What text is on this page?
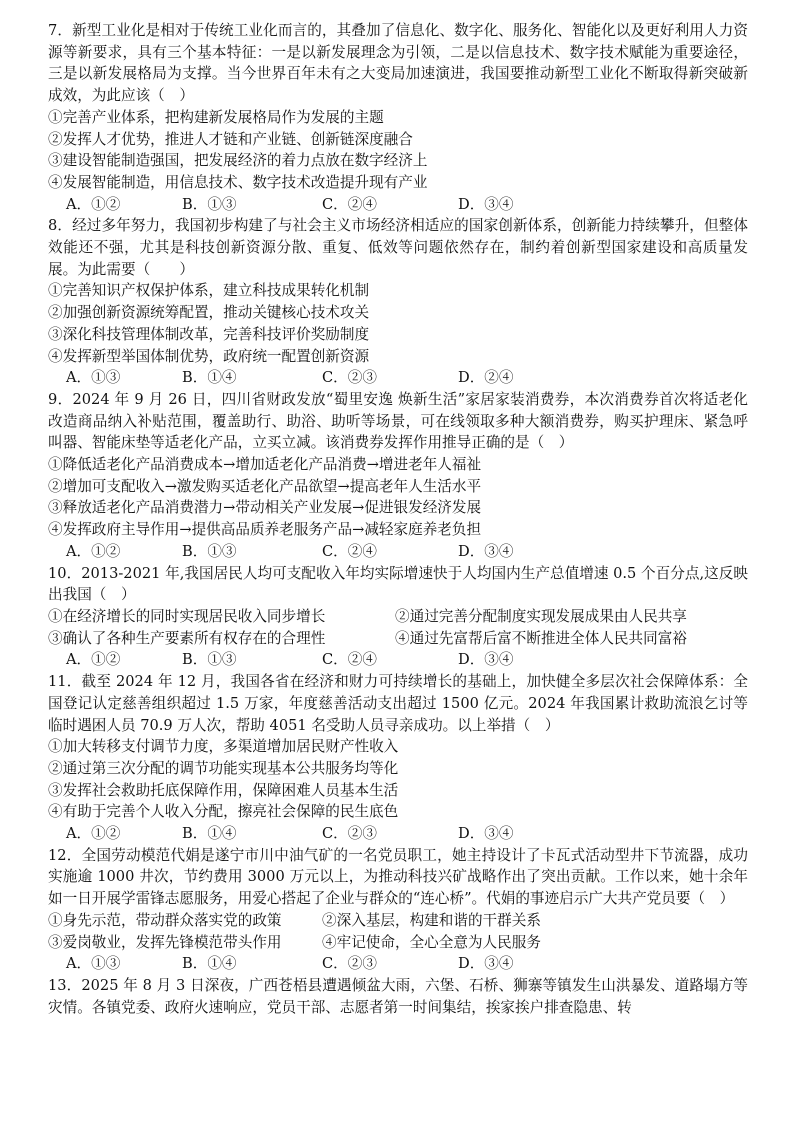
7．新型工业化是相对于传统工业化而言的，其叠加了信息化、数字化、服务化、智能化以及更好利用人力资源等新要求，具有三个基本特征：一是以新发展理念为引领，二是以信息技术、数字技术赋能为重要途径，三是以新发展格局为支撑。当今世界百年未有之大变局加速演进，我国要推动新型工业化不断取得新突破新成效，为此应该（　）

①完善产业体系，把构建新发展格局作为发展的主题

②发挥人才优势，推进人才链和产业链、创新链深度融合

③建设智能制造强国，把发展经济的着力点放在数字经济上

④发展智能制造，用信息技术、数字技术改造提升现有产业

A．①②	B．①③	C．②④	D．③④

8．经过多年努力，我国初步构建了与社会主义市场经济相适应的国家创新体系，创新能力持续攀升，但整体效能还不强，尤其是科技创新资源分散、重复、低效等问题依然存在，制约着创新型国家建设和高质量发展。为此需要（　　）

①完善知识产权保护体系，建立科技成果转化机制

②加强创新资源统筹配置，推动关键核心技术攻关

③深化科技管理体制改革，完善科技评价奖励制度

④发挥新型举国体制优势，政府统一配置创新资源

A．①③	B．①④	C．②③	D．②④

9．2024 年 9 月 26 日，四川省财政发放“蜀里安逸 焕新生活”家居家装消费券，本次消费券首次将适老化改造商品纳入补贴范围，覆盖助行、助浴、助听等场景，可在线领取多种大额消费券，购买护理床、紧急呼叫器、智能床垫等适老化产品，立买立减。该消费券发挥作用推导正确的是（　）

①降低适老化产品消费成本→增加适老化产品消费→增进老年人福祉

②增加可支配收入→激发购买适老化产品欲望→提高老年人生活水平

③释放适老化产品消费潜力→带动相关产业发展→促进银发经济发展

④发挥政府主导作用→提供高品质养老服务产品→减轻家庭养老负担

A．①②	B．①③	C．②④	D．③④

10．2013-2021 年,我国居民人均可支配收入年均实际增速快于人均国内生产总值增速 0.5 个百分点,这反映出我国（　）

①在经济增长的同时实现居民收入同步增长	②通过完善分配制度实现发展成果由人民共享
③确认了各种生产要素所有权存在的合理性	④通过先富帮后富不断推进全体人民共同富裕
A．①②	B．①③	C．②④	D．③④

11．截至 2024 年 12 月，我国各省在经济和财力可持续增长的基础上，加快健全多层次社会保障体系：全国登记认定慈善组织超过 1.5 万家，年度慈善活动支出超过 1500 亿元。2024 年我国累计救助流浪乞讨等临时遇困人员 70.9 万人次，帮助 4051 名受助人员寻亲成功。以上举措（　）

①加大转移支付调节力度，多渠道增加居民财产性收入

②通过第三次分配的调节功能实现基本公共服务均等化

③发挥社会救助托底保障作用，保障困难人员基本生活

④有助于完善个人收入分配，擦亮社会保障的民生底色

A．①②	B．①④	C．②③	D．③④

12．全国劳动模范代娟是遂宁市川中油气矿的一名党员职工，她主持设计了卡瓦式活动型井下节流器，成功实施逾 1000 井次，节约费用 3000 万元以上，为推动科技兴矿战略作出了突出贡献。工作以来，她十余年如一日开展学雷锋志愿服务，用爱心搭起了企业与群众的“连心桥”。代娟的事迹启示广大共产党员要（　）

①身先示范，带动群众落实党的政策	②深入基层，构建和谐的干群关系
③爱岗敬业，发挥先锋模范带头作用	④牢记使命，全心全意为人民服务
A．①③	B．①④	C．②③	D．③④

13．2025 年 8 月 3 日深夜，广西苍梧县遭遇倾盆大雨，六堡、石桥、狮寨等镇发生山洪暴发、道路塌方等灾情。各镇党委、政府火速响应，党员干部、志愿者第一时间集结，挨家挨户排查隐患、转
